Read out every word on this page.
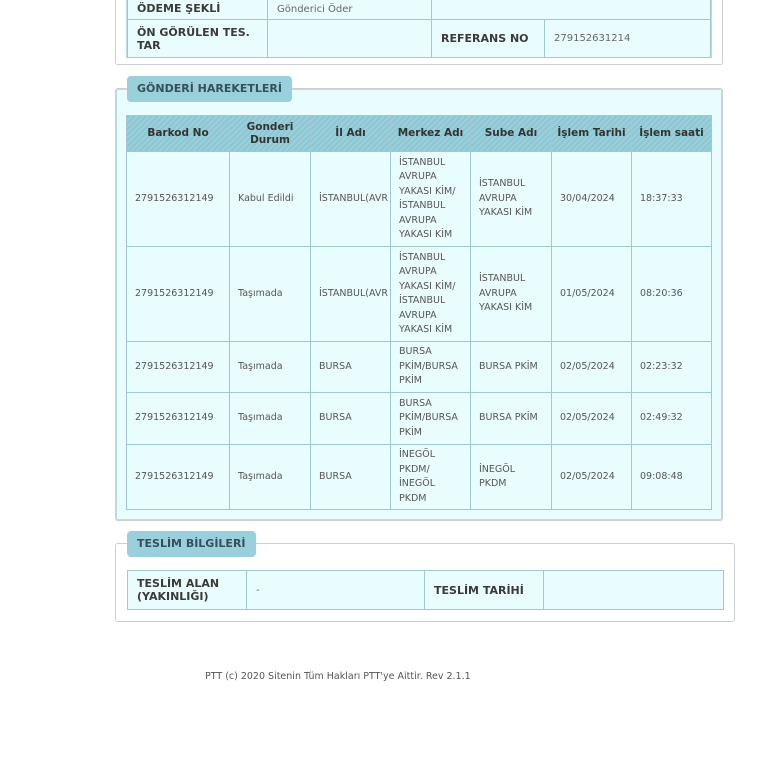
ÖDEME ŞEKLİ	Gönderici Öder		
ÖN GÖRÜLEN TES. TAR		REFERANS NO	279152631214
GÖNDERİ HAREKETLERİ
Barkod No	Gonderi Durum	İl Adı	Merkez Adı	Sube Adı	İşlem Tarihi	İşlem saati
2791526312149	Kabul Edildi	İSTANBUL(AVR	İSTANBUL AVRUPA YAKASI KİM/ İSTANBUL AVRUPA YAKASI KİM	İSTANBUL AVRUPA YAKASI KİM	30/04/2024	18:37:33
2791526312149	Taşımada	İSTANBUL(AVR	İSTANBUL AVRUPA YAKASI KİM/ İSTANBUL AVRUPA YAKASI KİM	İSTANBUL AVRUPA YAKASI KİM	01/05/2024	08:20:36
2791526312149	Taşımada	BURSA	BURSA PKİM/BURSA PKİM	BURSA PKİM	02/05/2024	02:23:32
2791526312149	Taşımada	BURSA	BURSA PKİM/BURSA PKİM	BURSA PKİM	02/05/2024	02:49:32
2791526312149	Taşımada	BURSA	İNEGÖL PKDM/ İNEGÖL PKDM	İNEGÖL PKDM	02/05/2024	09:08:48
TESLİM BİLGİLERİ
TESLİM ALAN (YAKINLIĞI)	-	TESLİM TARİHİ	
PTT (c) 2020 Sitenin Tüm Hakları PTT'ye Aittir. Rev 2.1.1
